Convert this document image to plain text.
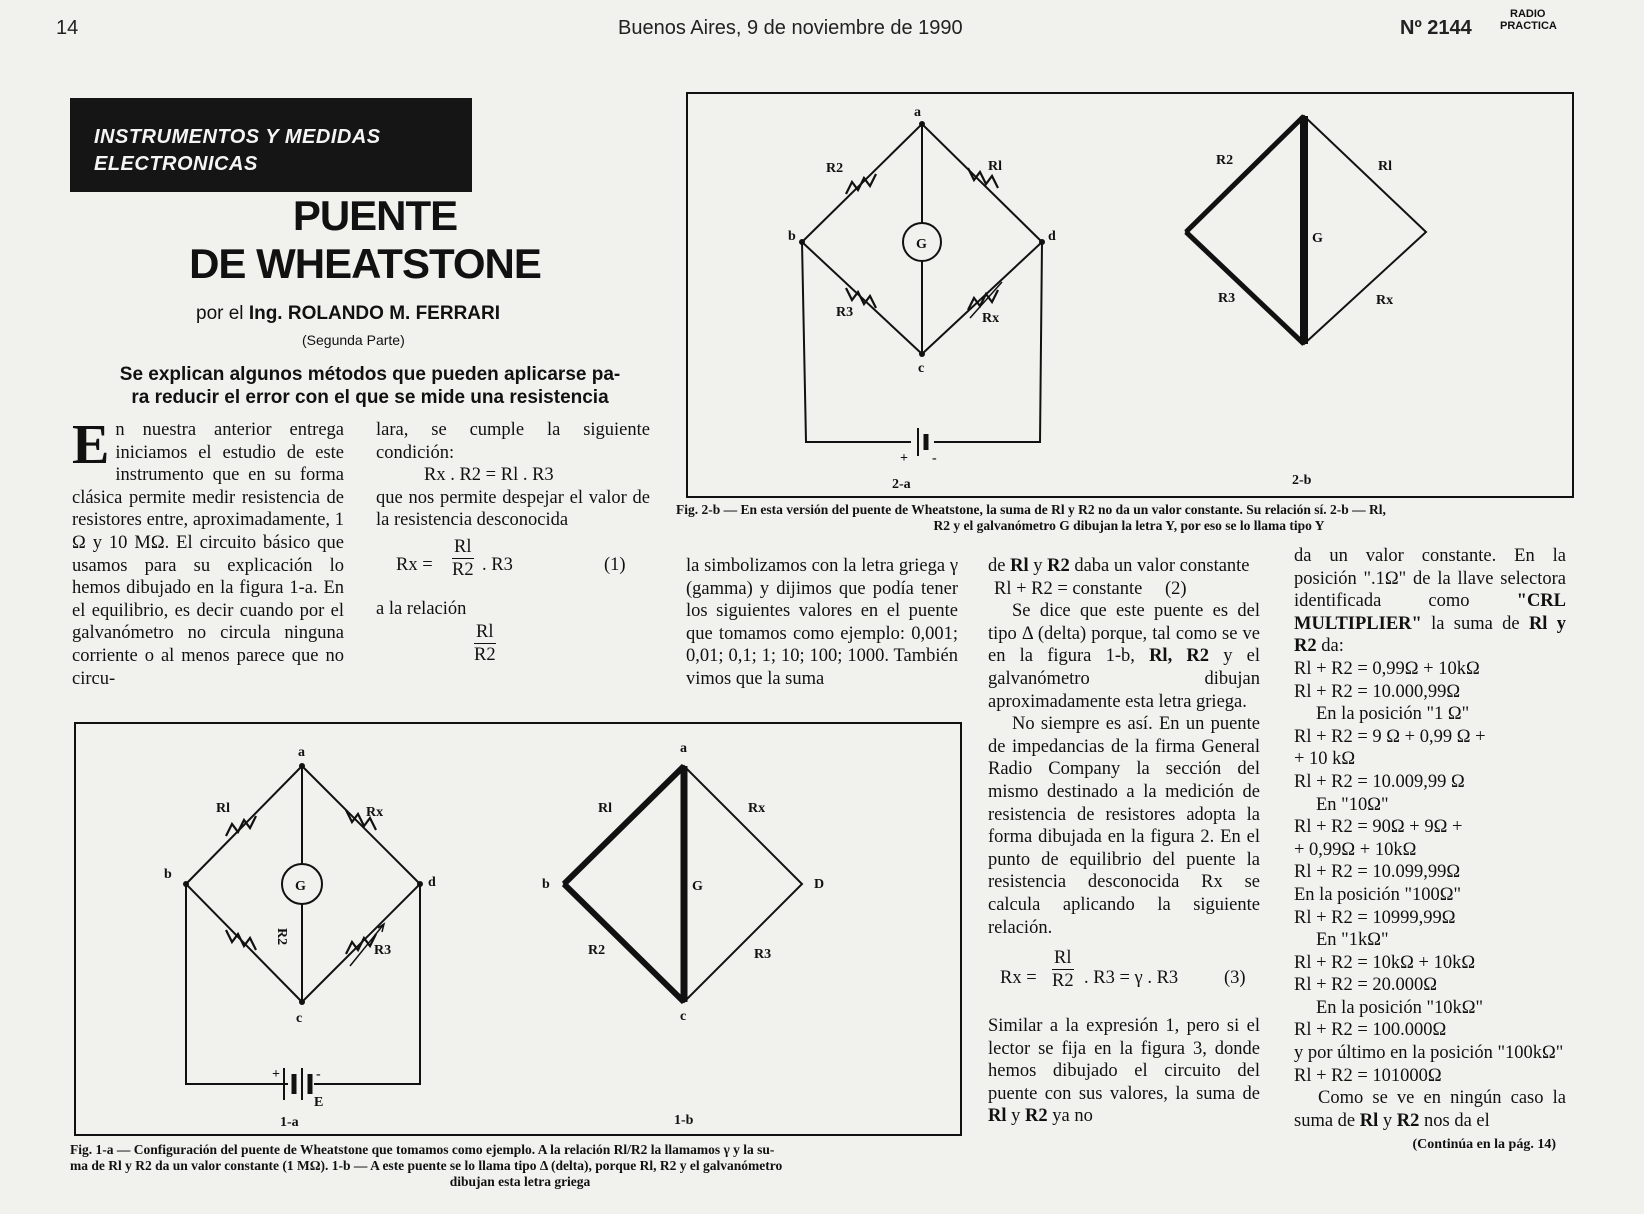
14	Buenos Aires, 9 de noviembre de 1990	Nº 2144
RADIO
PRACTICA
INSTRUMENTOS Y MEDIDAS
ELECTRONICAS
PUENTE
DE WHEATSTONE
por el Ing. ROLANDO M. FERRARI
(Segunda Parte)
Se explican algunos métodos que pueden aplicarse pa-
ra reducir el error con el que se mide una resistencia
E n nuestra anterior entrega iniciamos el estudio de este instrumento que en su forma clásica permite medir resistencia de resistores entre, aproximadamente, 1 Ω y 10 MΩ. El circuito básico que usamos para su explicación lo hemos dibujado en la figura 1-a. En el equilibrio, es decir cuando por el galvanómetro no circula ninguna corriente o al menos parece que no circu-

lara, se cumple la siguiente condición:

Rx . R2 = Rl . R3

que nos permite despejar el valor de la resistencia desconocida

$Rx = \frac{Rl}{R2}$ . R3	(1)

a la relación

$\frac{Rl}{R2}$
a
b
c
d
R2	Rl
R3	Rx
G
+ -
R2	Rl
R3	Rx
G
2-a	2-b
Fig. 2-b — En esta versión del puente de Wheatstone, la suma de Rl y R2 no da un valor constante. Su relación sí. 2-b — Rl,
R2 y el galvanómetro G dibujan la letra Y, por eso se lo llama tipo Y
la simbolizamos con la letra griega γ (gamma) y dijimos que podía tener los siguientes valores en el puente que tomamos como ejemplo: 0,001; 0,01; 0,1; 1; 10; 100; 1000. También vimos que la suma

de Rl y R2 daba un valor constante

Rl + R2 = constante (2)

Se dice que este puente es del tipo Δ (delta) porque, tal como se ve en la figura 1-b, Rl, R2 y el galvanómetro dibujan aproximadamente esta letra griega.

No siempre es así. En un puente de impedancias de la firma General Radio Company la sección del mismo destinado a la medición de resistencia de resistores adopta la forma dibujada en la figura 2. En el punto de equilibrio del puente la resistencia desconocida Rx se calcula aplicando la siguiente relación.

$Rx = \frac{Rl}{R2}$ . R3 = γ . R3 (3)

Similar a la expresión 1, pero si el lector se fija en la figura 3, donde hemos dibujado el circuito del puente con sus valores, la suma de Rl y R2 ya no

da un valor constante. En la posición ".1Ω" de la llave selectora identificada como	"CRL MULTIPLIER" la suma de Rl y R2 da:

Rl + R2 = 0,99Ω + 10kΩ
Rl + R2 = 10.000,99Ω
En la posición "1 Ω"
Rl + R2 = 9 Ω + 0,99 Ω +
+ 10 kΩ
Rl + R2 = 10.009,99 Ω
En "10Ω"
Rl + R2 = 90Ω + 9Ω +
+ 0,99Ω + 10kΩ
Rl + R2 = 10.099,99Ω
En la posición "100Ω"
Rl + R2 = 10999,99Ω
En "1kΩ"
Rl + R2 = 10kΩ + 10kΩ
Rl + R2 = 20.000Ω
En la posición "10kΩ"
Rl + R2 = 100.000Ω
y por último en la posición "100kΩ"
Rl + R2 = 101000Ω

Como se ve en ningún caso la suma de Rl y R2 nos da el

(Continúa en la pág. 14)
a
b
c
d
Rl	Rx
R2
R3
G
+	-
E
a
b
c
D
Rl	Rx
R2	R3
G
1-a	1-b
Fig. 1-a — Configuración del puente de Wheatstone que tomamos como ejemplo. A la relación Rl/R2 la llamamos γ y la su-
ma de Rl y R2 da un valor constante (1 MΩ). 1-b — A este puente se lo llama tipo Δ (delta), porque Rl, R2 y el galvanómetro
dibujan esta letra griega
